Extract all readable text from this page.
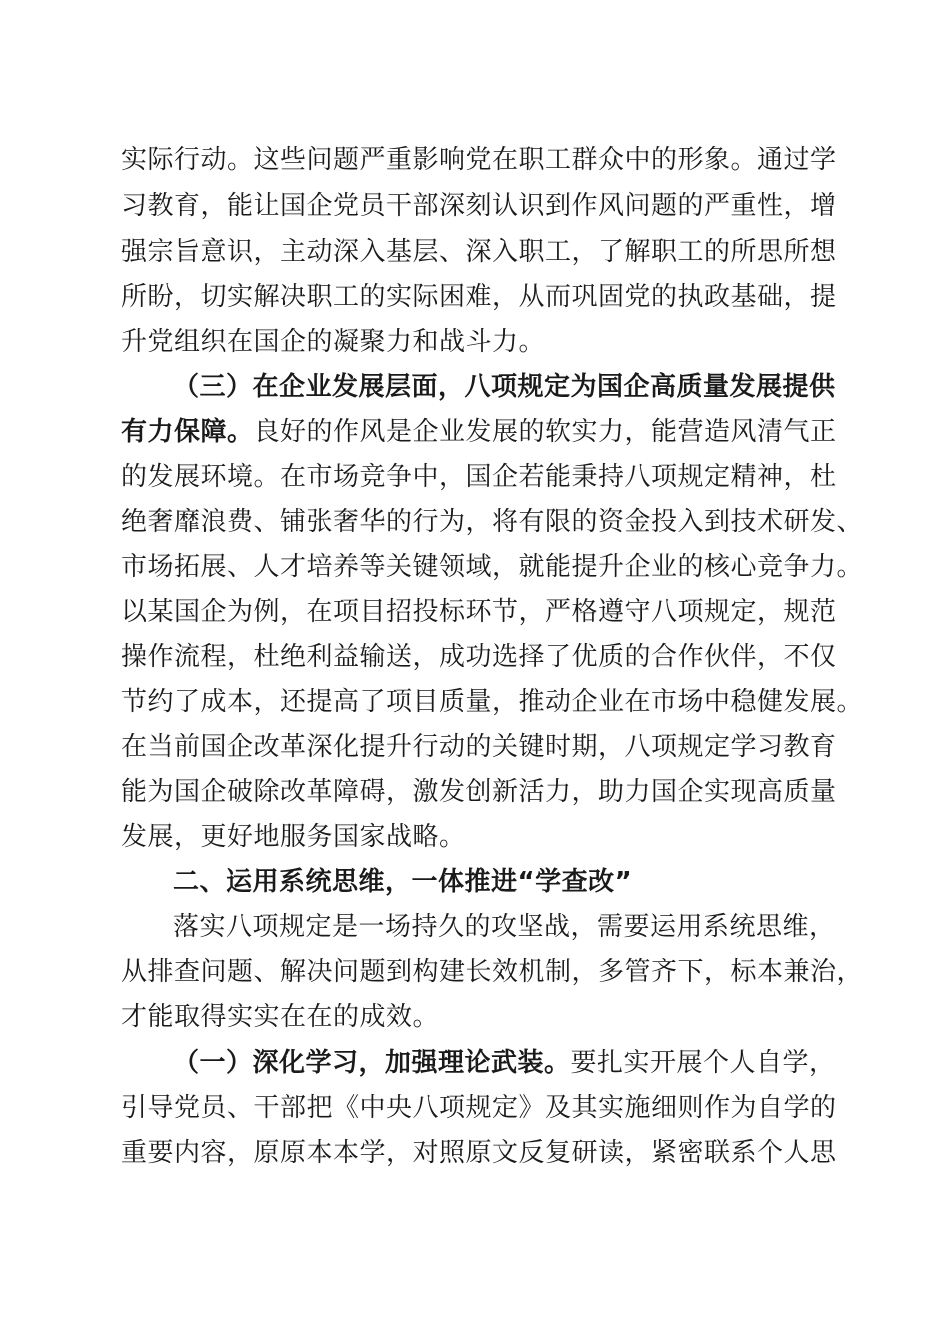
实际行动。这些问题严重影响党在职工群众中的形象。通过学
习教育，能让国企党员干部深刻认识到作风问题的严重性，增
强宗旨意识，主动深入基层、深入职工，了解职工的所思所想
所盼，切实解决职工的实际困难，从而巩固党的执政基础，提
升党组织在国企的凝聚力和战斗力。
（三）在企业发展层面，八项规定为国企高质量发展提供
有力保障。良好的作风是企业发展的软实力，能营造风清气正
的发展环境。在市场竞争中，国企若能秉持八项规定精神，杜
绝奢靡浪费、铺张奢华的行为，将有限的资金投入到技术研发、
市场拓展、人才培养等关键领域，就能提升企业的核心竞争力。
以某国企为例，在项目招投标环节，严格遵守八项规定，规范
操作流程，杜绝利益输送，成功选择了优质的合作伙伴，不仅
节约了成本，还提高了项目质量，推动企业在市场中稳健发展。
在当前国企改革深化提升行动的关键时期，八项规定学习教育
能为国企破除改革障碍，激发创新活力，助力国企实现高质量
发展，更好地服务国家战略。
二、运用系统思维，一体推进“学查改”
落实八项规定是一场持久的攻坚战，需要运用系统思维，
从排查问题、解决问题到构建长效机制，多管齐下，标本兼治，
才能取得实实在在的成效。
（一）深化学习，加强理论武装。要扎实开展个人自学，
引导党员、干部把《中央八项规定》及其实施细则作为自学的
重要内容，原原本本学，对照原文反复研读，紧密联系个人思
